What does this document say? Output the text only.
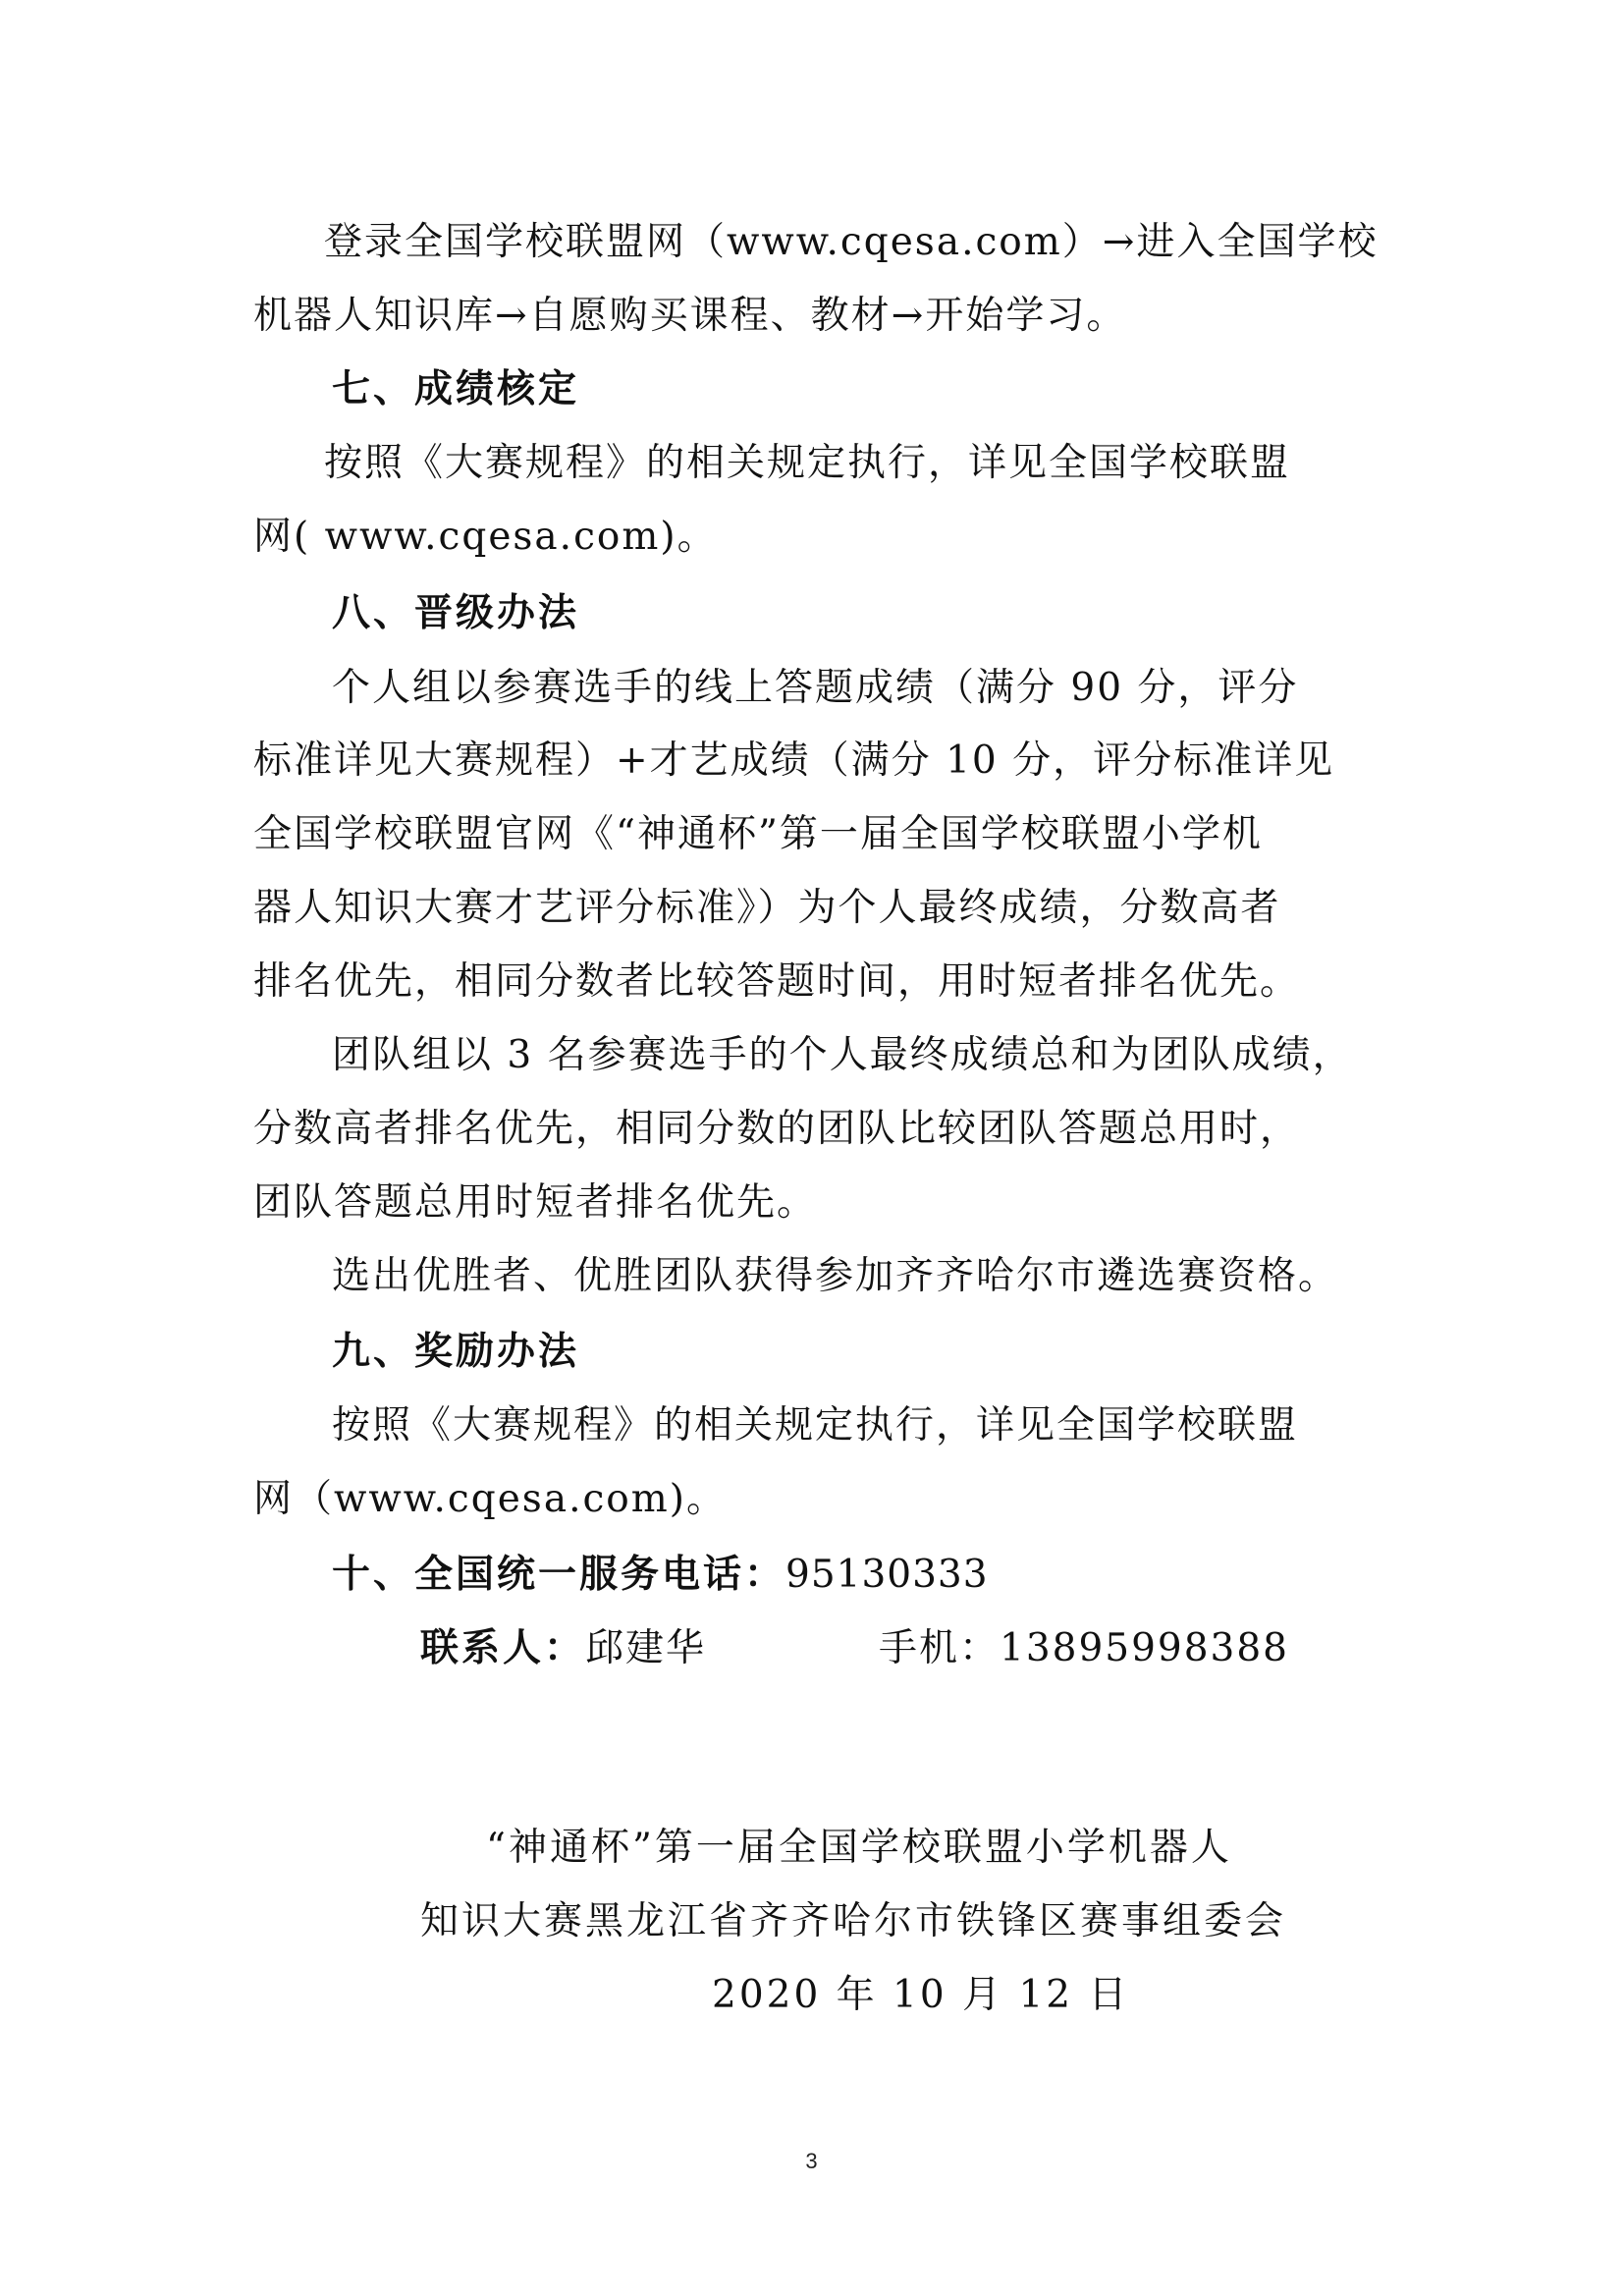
登录全国学校联盟网（www.cqesa.com）→进入全国学校
机器人知识库→自愿购买课程、教材→开始学习。
七、成绩核定
按照《大赛规程》的相关规定执行，详见全国学校联盟
网( www.cqesa.com)。
八、晋级办法
个人组以参赛选手的线上答题成绩（满分 90 分，评分
标准详见大赛规程）+才艺成绩（满分 10 分，评分标准详见
全国学校联盟官网《“神通杯”第一届全国学校联盟小学机
器人知识大赛才艺评分标准》）为个人最终成绩，分数高者
排名优先，相同分数者比较答题时间，用时短者排名优先。
团队组以 3 名参赛选手的个人最终成绩总和为团队成绩，
分数高者排名优先，相同分数的团队比较团队答题总用时，
团队答题总用时短者排名优先。
选出优胜者、优胜团队获得参加齐齐哈尔市遴选赛资格。
九、奖励办法
按照《大赛规程》的相关规定执行，详见全国学校联盟
网（www.cqesa.com)。
十、全国统一服务电话：95130333
联系人：邱建华	手机：13895998388
“神通杯”第一届全国学校联盟小学机器人
知识大赛黑龙江省齐齐哈尔市铁锋区赛事组委会
2020 年 10 月 12 日
3
